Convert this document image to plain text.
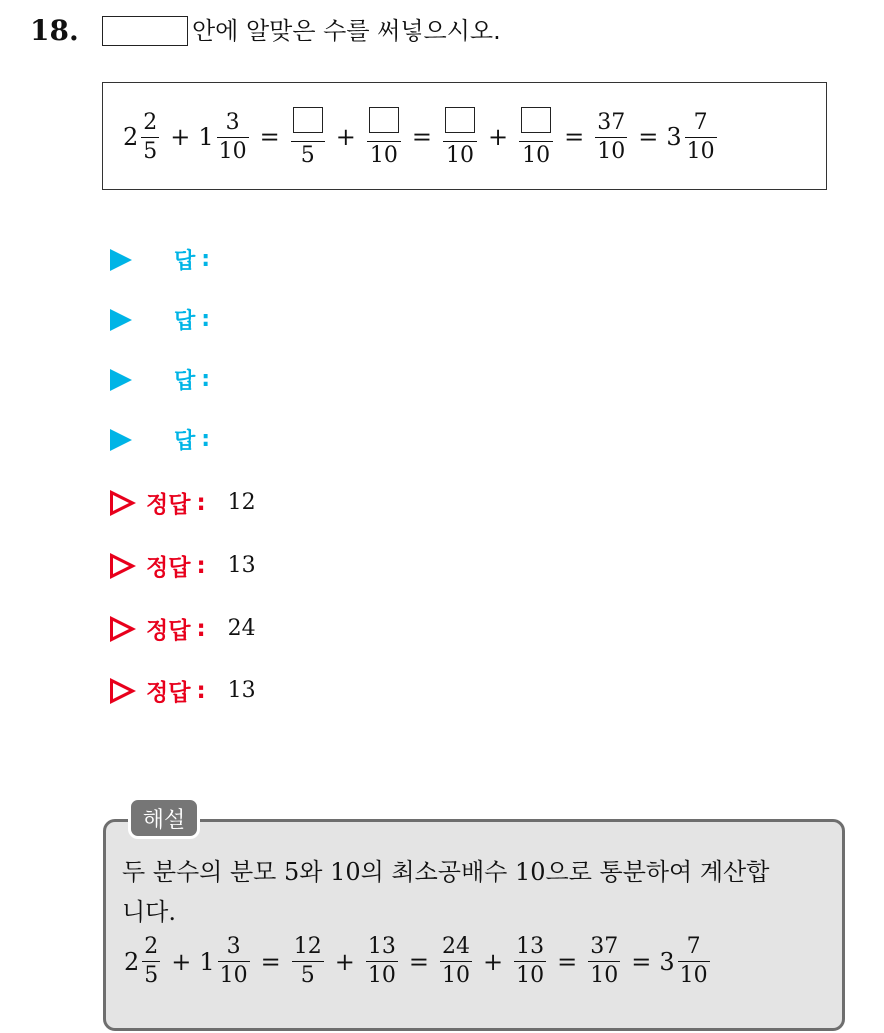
18.	안에 알맞은 수를 써넣으시오.
$2 \frac{2}{5} + 1 \frac{3}{10}$ =
5
+
10
=
10
+
10
= $\frac{37}{10} = 3 \frac{7}{10}$
답 :
답 :
답 :
답 :
정답 : 12
정답 : 13
정답 : 24
정답 : 13
해설
두 분수의 분모 5와 10의 최소공배수 10으로 통분하여 계산합
니다.
$2 \frac{2}{5} + 1 \frac{3}{10} = \frac{12}{5} + \frac{13}{10} = \frac{24}{10} + \frac{13}{10} = \frac{37}{10} = 3 \frac{7}{10}$
